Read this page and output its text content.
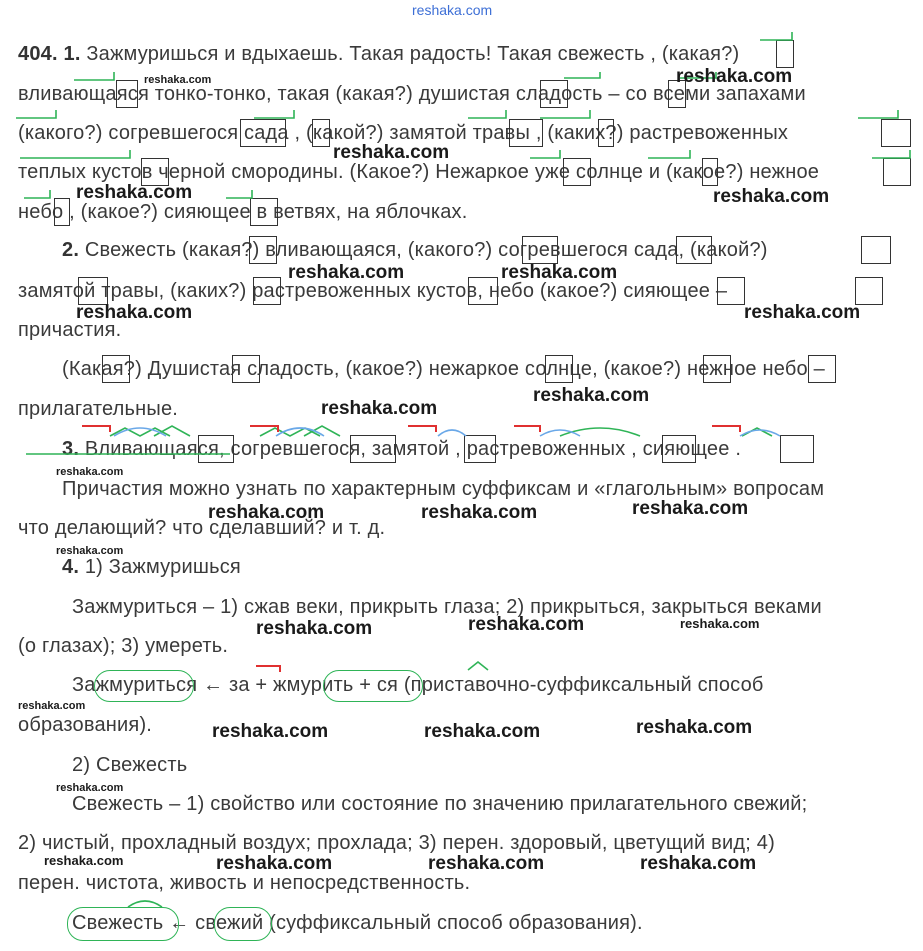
reshaka.com
404. 1. Зажмуришься и вдыхаешь. Такая радость! Такая свежесть , (какая?)
вливающаяся тонко-тонко, такая (какая?) душистая сладость – со всеми запахами
(какого?) согревшегося сада , (какой?) замятой травы , (каких?) растревоженных
теплых кустов черной смородины. (Какое?) Нежаркое уже солнце и (какое?) нежное
небо , (какое?) сияющее в ветвях, на яблочках.
2. Свежесть (какая?) вливающаяся, (какого?) согревшегося сада, (какой?)
замятой травы, (каких?) растревоженных кустов, небо (какое?) сияющее –
причастия.
(Какая?) Душистая сладость, (какое?) нежаркое солнце, (какое?) нежное небо –
прилагательные.
3. Вливающаяся, согревшегося, замятой , растревоженных , сияющее .
Причастия можно узнать по характерным суффиксам и «глагольным» вопросам
что делающий? что сделавший? и т. д.
4. 1) Зажмуришься
Зажмуриться – 1) сжав веки, прикрыть глаза; 2) прикрыться, закрыться веками
(о глазах); 3) умереть.
Зажмуриться ← за + жмурить + ся (приставочно-суффиксальный способ
образования).
2) Свежесть
Свежесть – 1) свойство или состояние по значению прилагательного свежий;
2) чистый, прохладный воздух; прохлада; 3) перен. здоровый, цветущий вид; 4)
перен. чистота, живость и непосредственность.
Свежесть ← свежий (суффиксальный способ образования).
reshaka.com
reshaka.com
reshaka.com
reshaka.com	reshaka.com
reshaka.com	reshaka.com
reshaka.com	reshaka.com
reshaka.com
reshaka.com
reshaka.com
reshaka.com
reshaka.com	reshaka.com
reshaka.com
reshaka.com	reshaka.com
reshaka.com
reshaka.com
reshaka.com
reshaka.com	reshaka.com
reshaka.com
reshaka.com	reshaka.com	reshaka.com	reshaka.com
